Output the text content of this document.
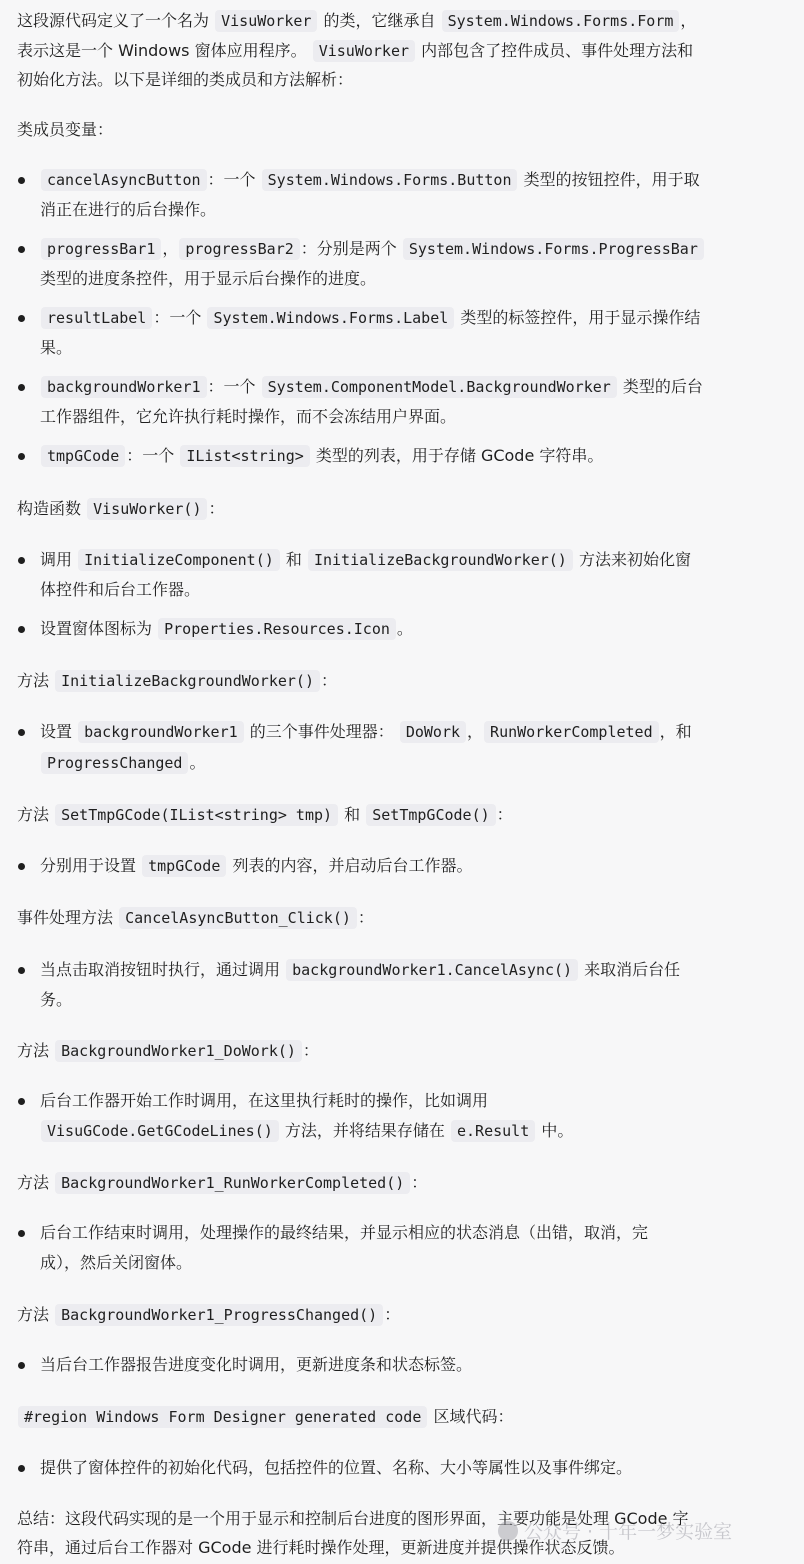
这段源代码定义了一个名为 VisuWorker 的类，它继承自 System.Windows.Forms.Form ，
表示这是一个 Windows 窗体应用程序。 VisuWorker 内部包含了控件成员、事件处理方法和
初始化方法。以下是详细的类成员和方法解析：
类成员变量：
cancelAsyncButton ：一个 System.Windows.Forms.Button 类型的按钮控件，用于取
消正在进行的后台操作。
progressBar1 ， progressBar2 ：分别是两个 System.Windows.Forms.ProgressBar
类型的进度条控件，用于显示后台操作的进度。
resultLabel ：一个 System.Windows.Forms.Label 类型的标签控件，用于显示操作结
果。
backgroundWorker1 ：一个 System.ComponentModel.BackgroundWorker 类型的后台
工作器组件，它允许执行耗时操作，而不会冻结用户界面。
tmpGCode ：一个 IList<string> 类型的列表，用于存储 GCode 字符串。
构造函数 VisuWorker() ：
调用 InitializeComponent() 和 InitializeBackgroundWorker() 方法来初始化窗
体控件和后台工作器。
设置窗体图标为 Properties.Resources.Icon 。
方法 InitializeBackgroundWorker() ：
设置 backgroundWorker1 的三个事件处理器： DoWork ， RunWorkerCompleted ，和
ProgressChanged 。
方法 SetTmpGCode(IList<string> tmp) 和 SetTmpGCode() ：
分别用于设置 tmpGCode 列表的内容，并启动后台工作器。
事件处理方法 CancelAsyncButton_Click() ：
当点击取消按钮时执行，通过调用 backgroundWorker1.CancelAsync() 来取消后台任
务。
方法 BackgroundWorker1_DoWork() ：
后台工作器开始工作时调用，在这里执行耗时的操作，比如调用
VisuGCode.GetGCodeLines() 方法，并将结果存储在 e.Result 中。
方法 BackgroundWorker1_RunWorkerCompleted() ：
后台工作结束时调用，处理操作的最终结果，并显示相应的状态消息（出错，取消，完
成），然后关闭窗体。
方法 BackgroundWorker1_ProgressChanged() ：
当后台工作器报告进度变化时调用，更新进度条和状态标签。
#region Windows Form Designer generated code 区域代码：
提供了窗体控件的初始化代码，包括控件的位置、名称、大小等属性以及事件绑定。
总结：这段代码实现的是一个用于显示和控制后台进度的图形界面，主要功能是处理 GCode 字
符串，通过后台工作器对 GCode 进行耗时操作处理，更新进度并提供操作状态反馈。
公众号 · 十年一梦实验室
